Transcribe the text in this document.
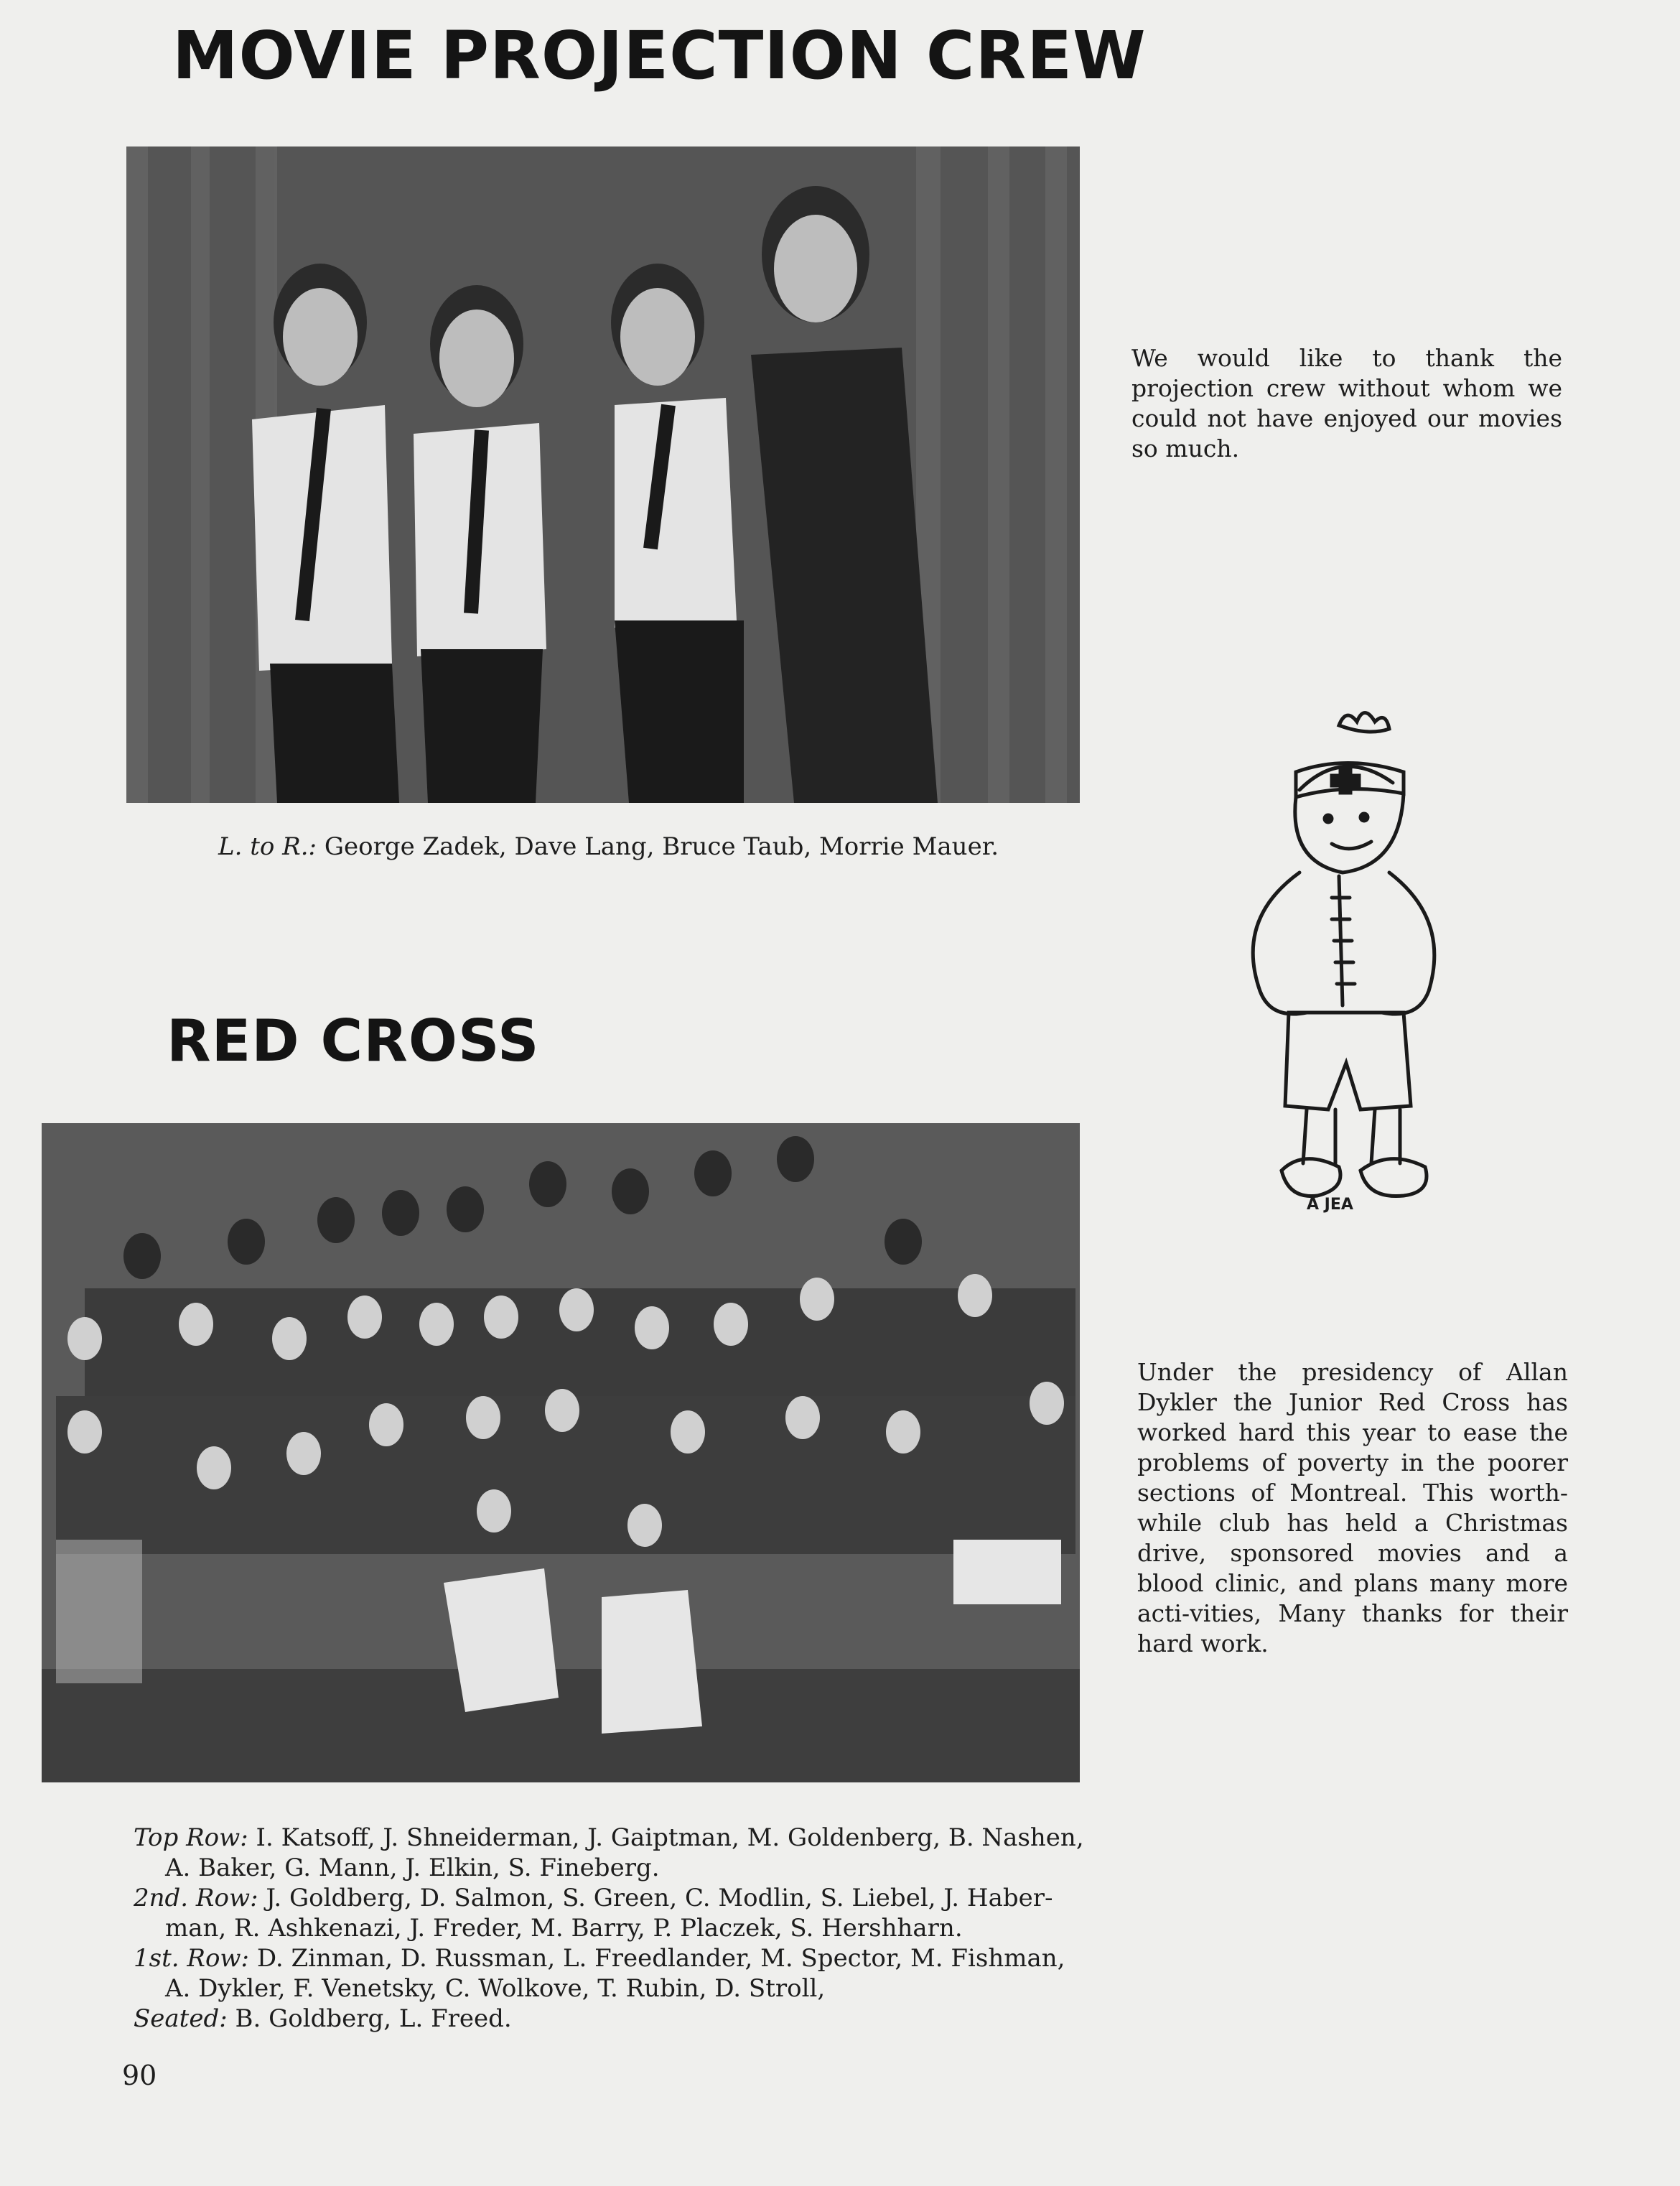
MOVIE PROJECTION CREW
We would like to thank the projection crew without whom we could not have enjoyed our movies so much.
L. to R.: George Zadek, Dave Lang, Bruce Taub, Morrie Mauer.
A JEA
RED CROSS
Under the presidency of Allan Dykler the Junior Red Cross has worked hard this year to ease the problems of poverty in the poorer sections of Montreal. This worth-while club has held a Christmas drive, sponsored movies and a blood clinic, and plans many more acti-vities, Many thanks for their hard work.
Top Row: I. Katsoff, J. Shneiderman, J. Gaiptman, M. Goldenberg, B. Nashen,
A. Baker, G. Mann, J. Elkin, S. Fineberg.
2nd. Row: J. Goldberg, D. Salmon, S. Green, C. Modlin, S. Liebel, J. Haber-
man, R. Ashkenazi, J. Freder, M. Barry, P. Placzek, S. Hershharn.
1st. Row: D. Zinman, D. Russman, L. Freedlander, M. Spector, M. Fishman,
A. Dykler, F. Venetsky, C. Wolkove, T. Rubin, D. Stroll,
Seated: B. Goldberg, L. Freed.
90
